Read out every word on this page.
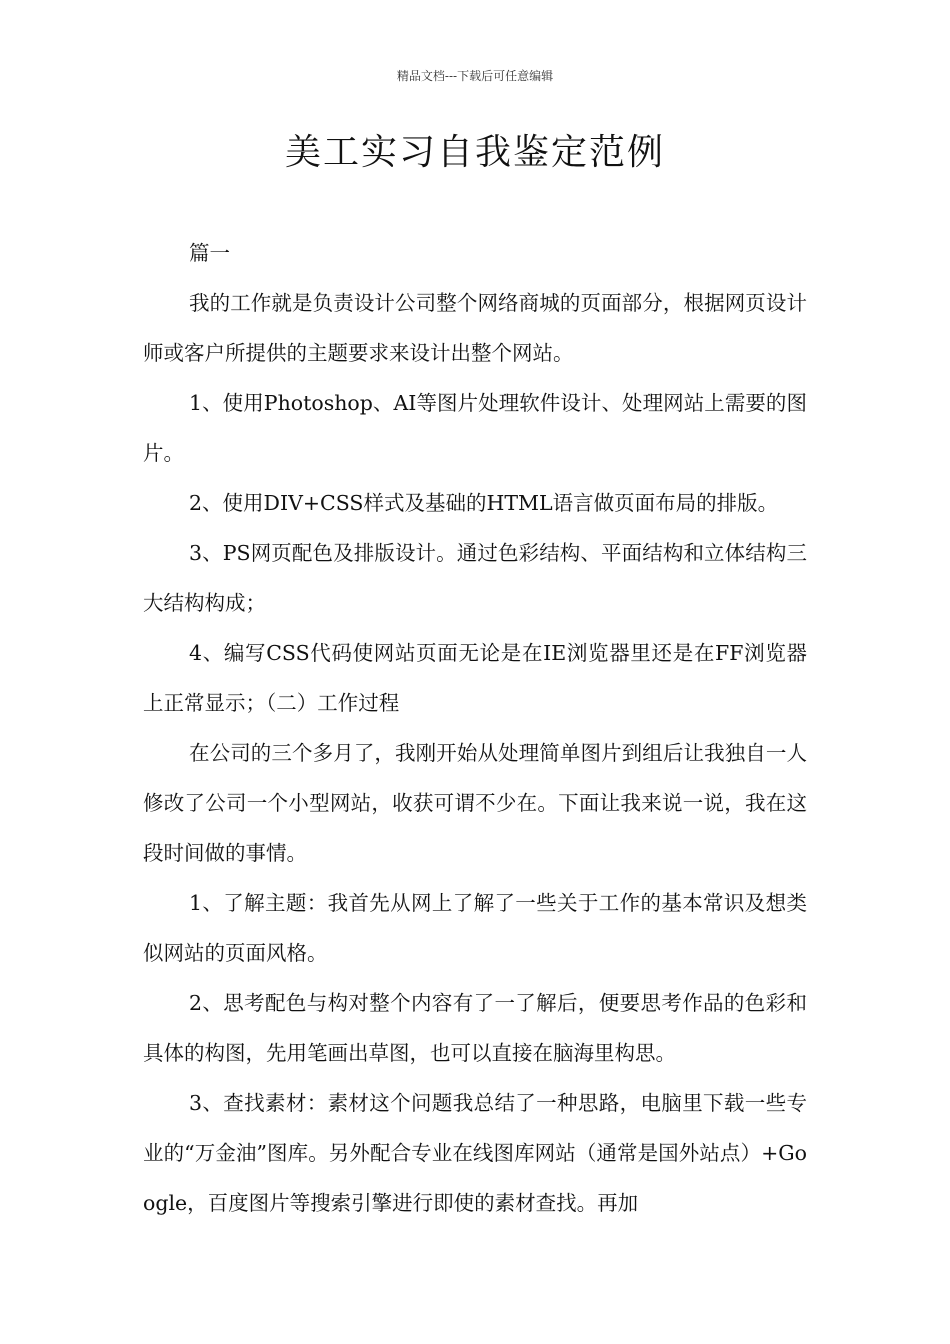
精品文档---下载后可任意编辑
美工实习自我鉴定范例

篇一

我的工作就是负责设计公司整个网络商城的页面部分，根据网页设计师或客户所提供的主题要求来设计出整个网站。

1、使用Photoshop、AI等图片处理软件设计、处理网站上需要的图片。

2、使用DIV+CSS样式及基础的HTML语言做页面布局的排版。

3、PS网页配色及排版设计。通过色彩结构、平面结构和立体结构三大结构构成；

4、编写CSS代码使网站页面无论是在IE浏览器里还是在FF浏览器上正常显示；（二）工作过程

在公司的三个多月了，我刚开始从处理简单图片到组后让我独自一人修改了公司一个小型网站，收获可谓不少在。下面让我来说一说，我在这段时间做的事情。

1、了解主题：我首先从网上了解了一些关于工作的基本常识及想类似网站的页面风格。

2、思考配色与构对整个内容有了一了解后，便要思考作品的色彩和具体的构图，先用笔画出草图，也可以直接在脑海里构思。

3、查找素材：素材这个问题我总结了一种思路，电脑里下载一些专业的“万金油”图库。另外配合专业在线图库网站（通常是国外站点）+Google，百度图片等搜索引擎进行即使的素材查找。再加
